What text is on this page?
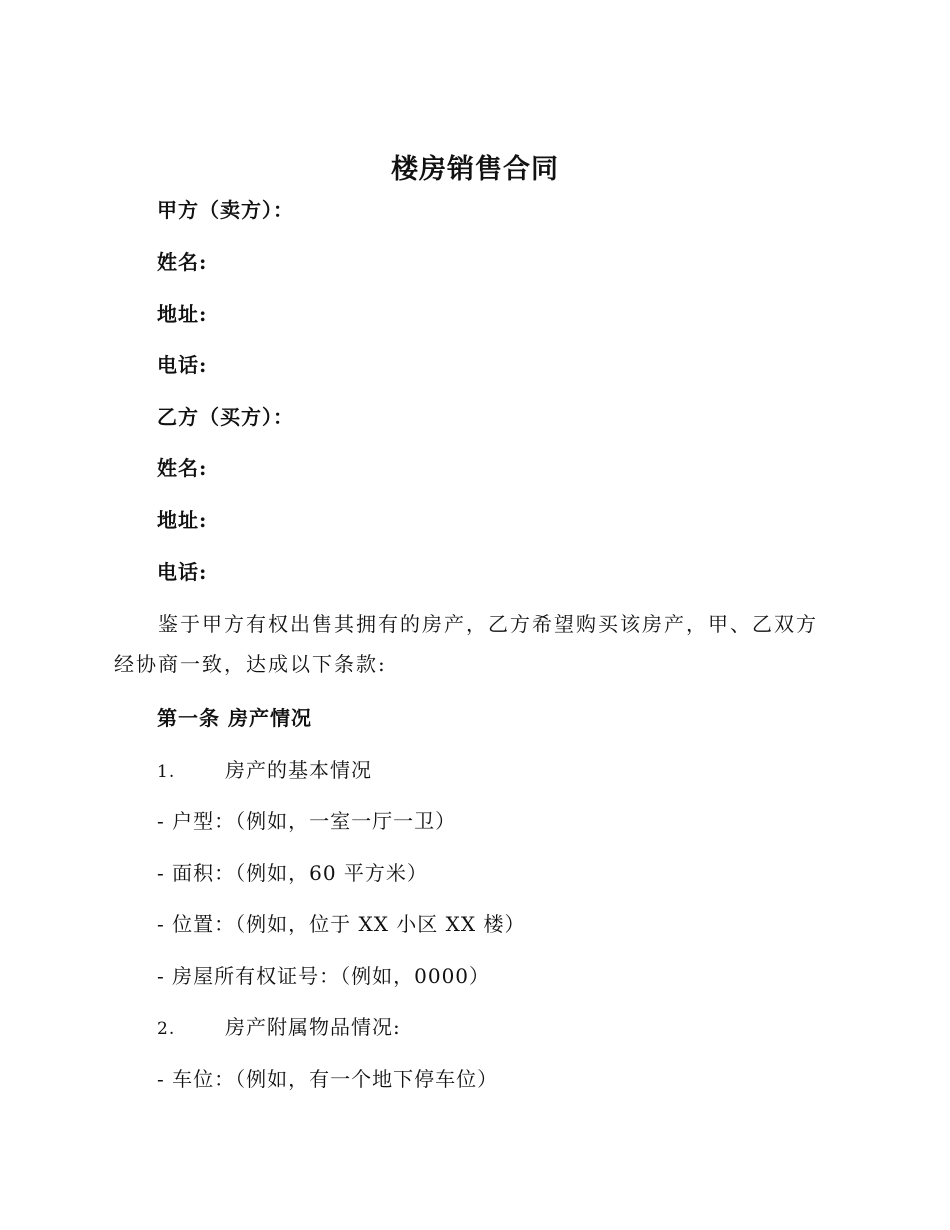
楼房销售合同
甲方（卖方）：
姓名:
地址:
电话:
乙方（买方）：
姓名:
地址:
电话:
鉴于甲方有权出售其拥有的房产，乙方希望购买该房产，甲、乙双方经协商一致，达成以下条款:
第一条 房产情况
1. 房产的基本情况
- 户型：（例如，一室一厅一卫）
- 面积：（例如，60 平方米）
- 位置：（例如，位于 XX 小区 XX 楼）
- 房屋所有权证号：（例如，0000）
2. 房产附属物品情况:
- 车位：（例如，有一个地下停车位）
